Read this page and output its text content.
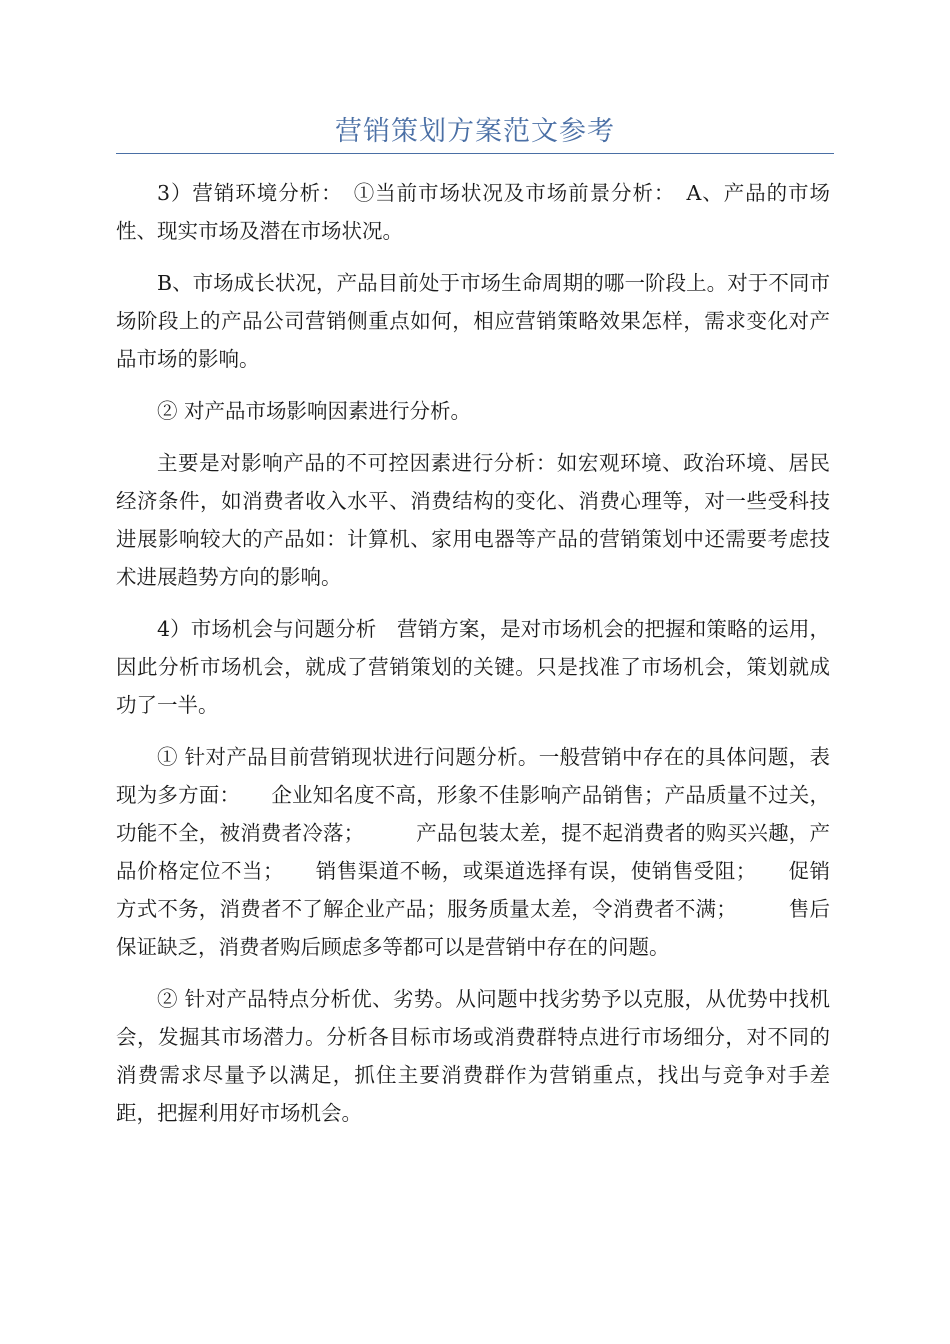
营销策划方案范文参考

3）营销环境分析：　①当前市场状况及市场前景分析：　A、产品的市场性、现实市场及潜在市场状况。

B、市场成长状况，产品目前处于市场生命周期的哪一阶段上。对于不同市场阶段上的产品公司营销侧重点如何，相应营销策略效果怎样，需求变化对产品市场的影响。

② 对产品市场影响因素进行分析。

主要是对影响产品的不可控因素进行分析：如宏观环境、政治环境、居民经济条件，如消费者收入水平、消费结构的变化、消费心理等，对一些受科技进展影响较大的产品如：计算机、家用电器等产品的营销策划中还需要考虑技术进展趋势方向的影响。

4）市场机会与问题分析　营销方案，是对市场机会的把握和策略的运用，因此分析市场机会，就成了营销策划的关键。只是找准了市场机会，策划就成功了一半。

① 针对产品目前营销现状进行问题分析。一般营销中存在的具体问题，表现为多方面：　　企业知名度不高，形象不佳影响产品销售；产品质量不过关，功能不全，被消费者冷落；　　　产品包装太差，提不起消费者的购买兴趣，产品价格定位不当；　　销售渠道不畅，或渠道选择有误，使销售受阻；　　促销方式不务，消费者不了解企业产品；服务质量太差，令消费者不满；　　　售后保证缺乏，消费者购后顾虑多等都可以是营销中存在的问题。

② 针对产品特点分析优、劣势。从问题中找劣势予以克服，从优势中找机会，发掘其市场潜力。分析各目标市场或消费群特点进行市场细分，对不同的消费需求尽量予以满足，抓住主要消费群作为营销重点，找出与竞争对手差距，把握利用好市场机会。
